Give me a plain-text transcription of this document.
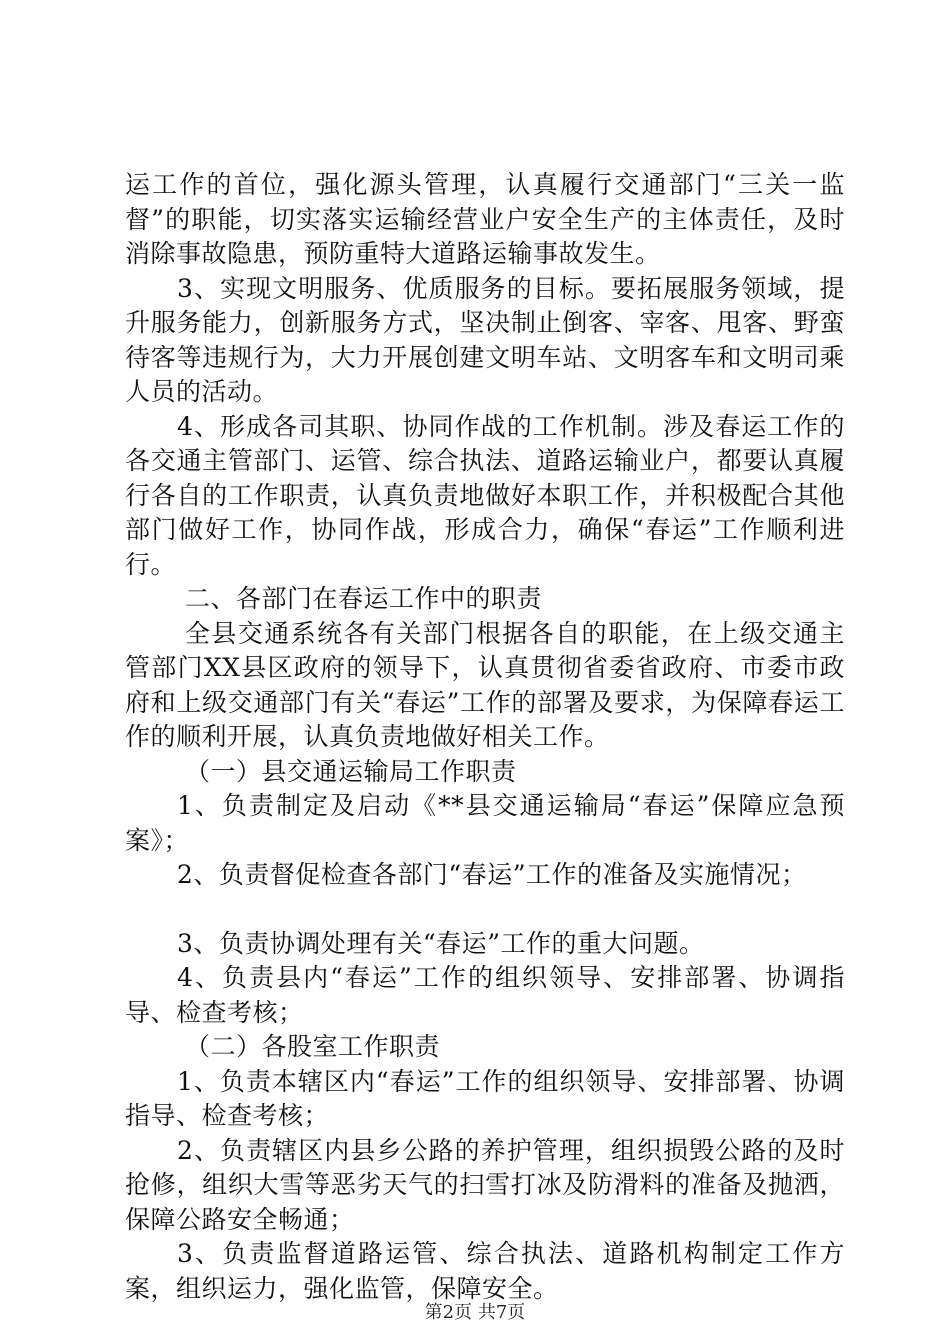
运工作的首位，强化源头管理，认真履行交通部门“三关一监督”的职能，切实落实运输经营业户安全生产的主体责任，及时消除事故隐患，预防重特大道路运输事故发生。

3、实现文明服务、优质服务的目标。要拓展服务领域，提升服务能力，创新服务方式，坚决制止倒客、宰客、甩客、野蛮待客等违规行为，大力开展创建文明车站、文明客车和文明司乘人员的活动。

4、形成各司其职、协同作战的工作机制。涉及春运工作的各交通主管部门、运管、综合执法、道路运输业户，都要认真履行各自的工作职责，认真负责地做好本职工作，并积极配合其他部门做好工作，协同作战，形成合力，确保“春运”工作顺利进行。

二、各部门在春运工作中的职责

全县交通系统各有关部门根据各自的职能，在上级交通主管部门XX县区政府的领导下，认真贯彻省委省政府、市委市政府和上级交通部门有关“春运”工作的部署及要求，为保障春运工作的顺利开展，认真负责地做好相关工作。

（一）县交通运输局工作职责

1、负责制定及启动《**县交通运输局“春运”保障应急预案》；

2、负责督促检查各部门“春运”工作的准备及实施情况；

3、负责协调处理有关“春运”工作的重大问题。

4、负责县内“春运”工作的组织领导、安排部署、协调指导、检查考核；

（二）各股室工作职责

1、负责本辖区内“春运”工作的组织领导、安排部署、协调指导、检查考核；

2、负责辖区内县乡公路的养护管理，组织损毁公路的及时抢修，组织大雪等恶劣天气的扫雪打冰及防滑料的准备及抛洒，保障公路安全畅通；

3、负责监督道路运管、综合执法、道路机构制定工作方案，组织运力，强化监管，保障安全。

第2页 共7页
